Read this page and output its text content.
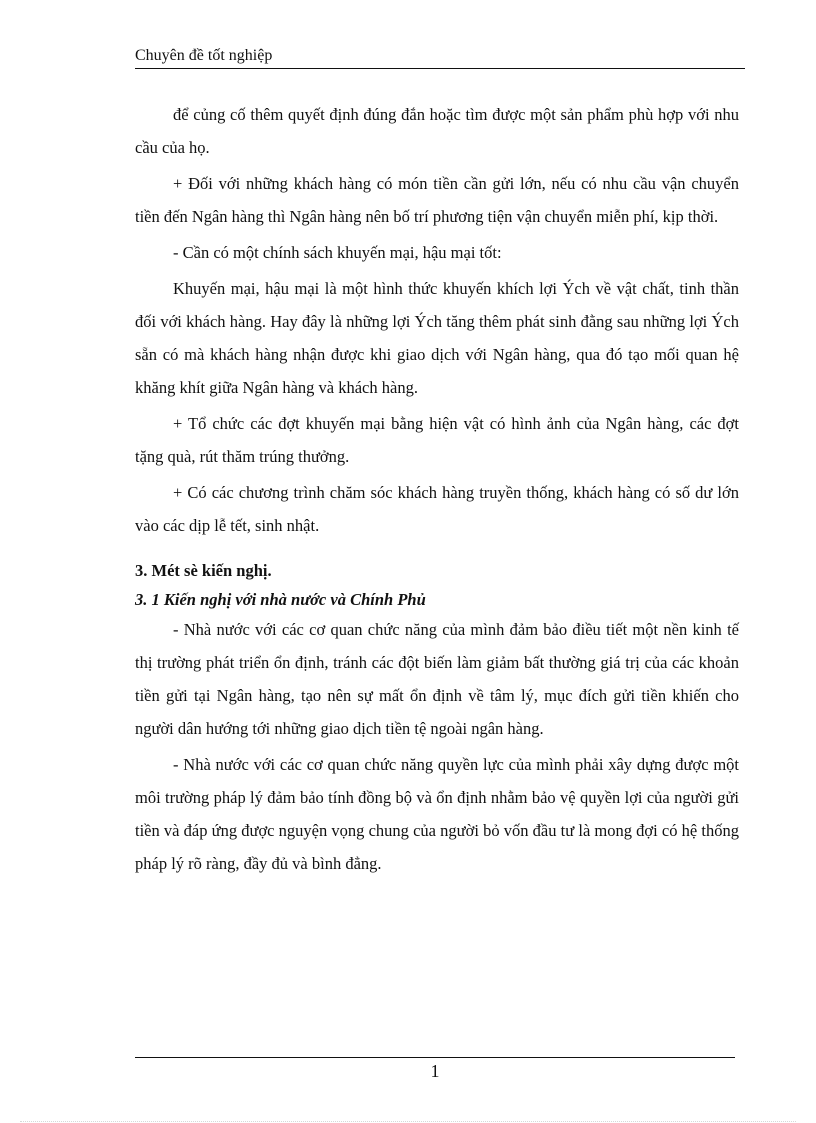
Chuyên đề tốt nghiệp

để củng cố thêm quyết định đúng đắn hoặc tìm được một sản phẩm phù hợp với nhu cầu của họ.

+ Đối với những khách hàng có món tiền cần gửi lớn, nếu có nhu cầu vận chuyển tiền đến Ngân hàng thì Ngân hàng nên bố trí phương tiện vận chuyển miễn phí, kịp thời.

- Cần có một chính sách khuyến mại, hậu mại tốt:

Khuyến mại, hậu mại là một hình thức khuyến khích lợi Ých về vật chất, tinh thần đối với khách hàng. Hay đây là những lợi Ých tăng thêm phát sinh đằng sau những lợi Ých sẵn có mà khách hàng nhận được khi giao dịch với Ngân hàng, qua đó tạo mối quan hệ khăng khít giữa Ngân hàng và khách hàng.

+ Tổ chức các đợt khuyến mại bằng hiện vật có hình ảnh của Ngân hàng, các đợt tặng quà, rút thăm trúng thưởng.

+ Có các chương trình chăm sóc khách hàng truyền thống, khách hàng có số dư lớn vào các dịp lễ tết, sinh nhật.

3. Mét sè kiến nghị.
3. 1 Kiến nghị với nhà nước và Chính Phủ

- Nhà nước với các cơ quan chức năng của mình đảm bảo điều tiết một nền kinh tế thị trường phát triển ổn định, tránh các đột biến làm giảm bất thường giá trị của các khoản tiền gửi tại Ngân hàng, tạo nên sự mất ổn định về tâm lý, mục đích gửi tiền khiến cho người dân hướng tới những giao dịch tiền tệ ngoài ngân hàng.

- Nhà nước với các cơ quan chức năng quyền lực của mình phải xây dựng được một môi trường pháp lý đảm bảo tính đồng bộ và ổn định nhằm bảo vệ quyền lợi của người gửi tiền và đáp ứng được nguyện vọng chung của người bỏ vốn đầu tư là mong đợi có hệ thống pháp lý rõ ràng, đầy đủ và bình đẳng.

1
